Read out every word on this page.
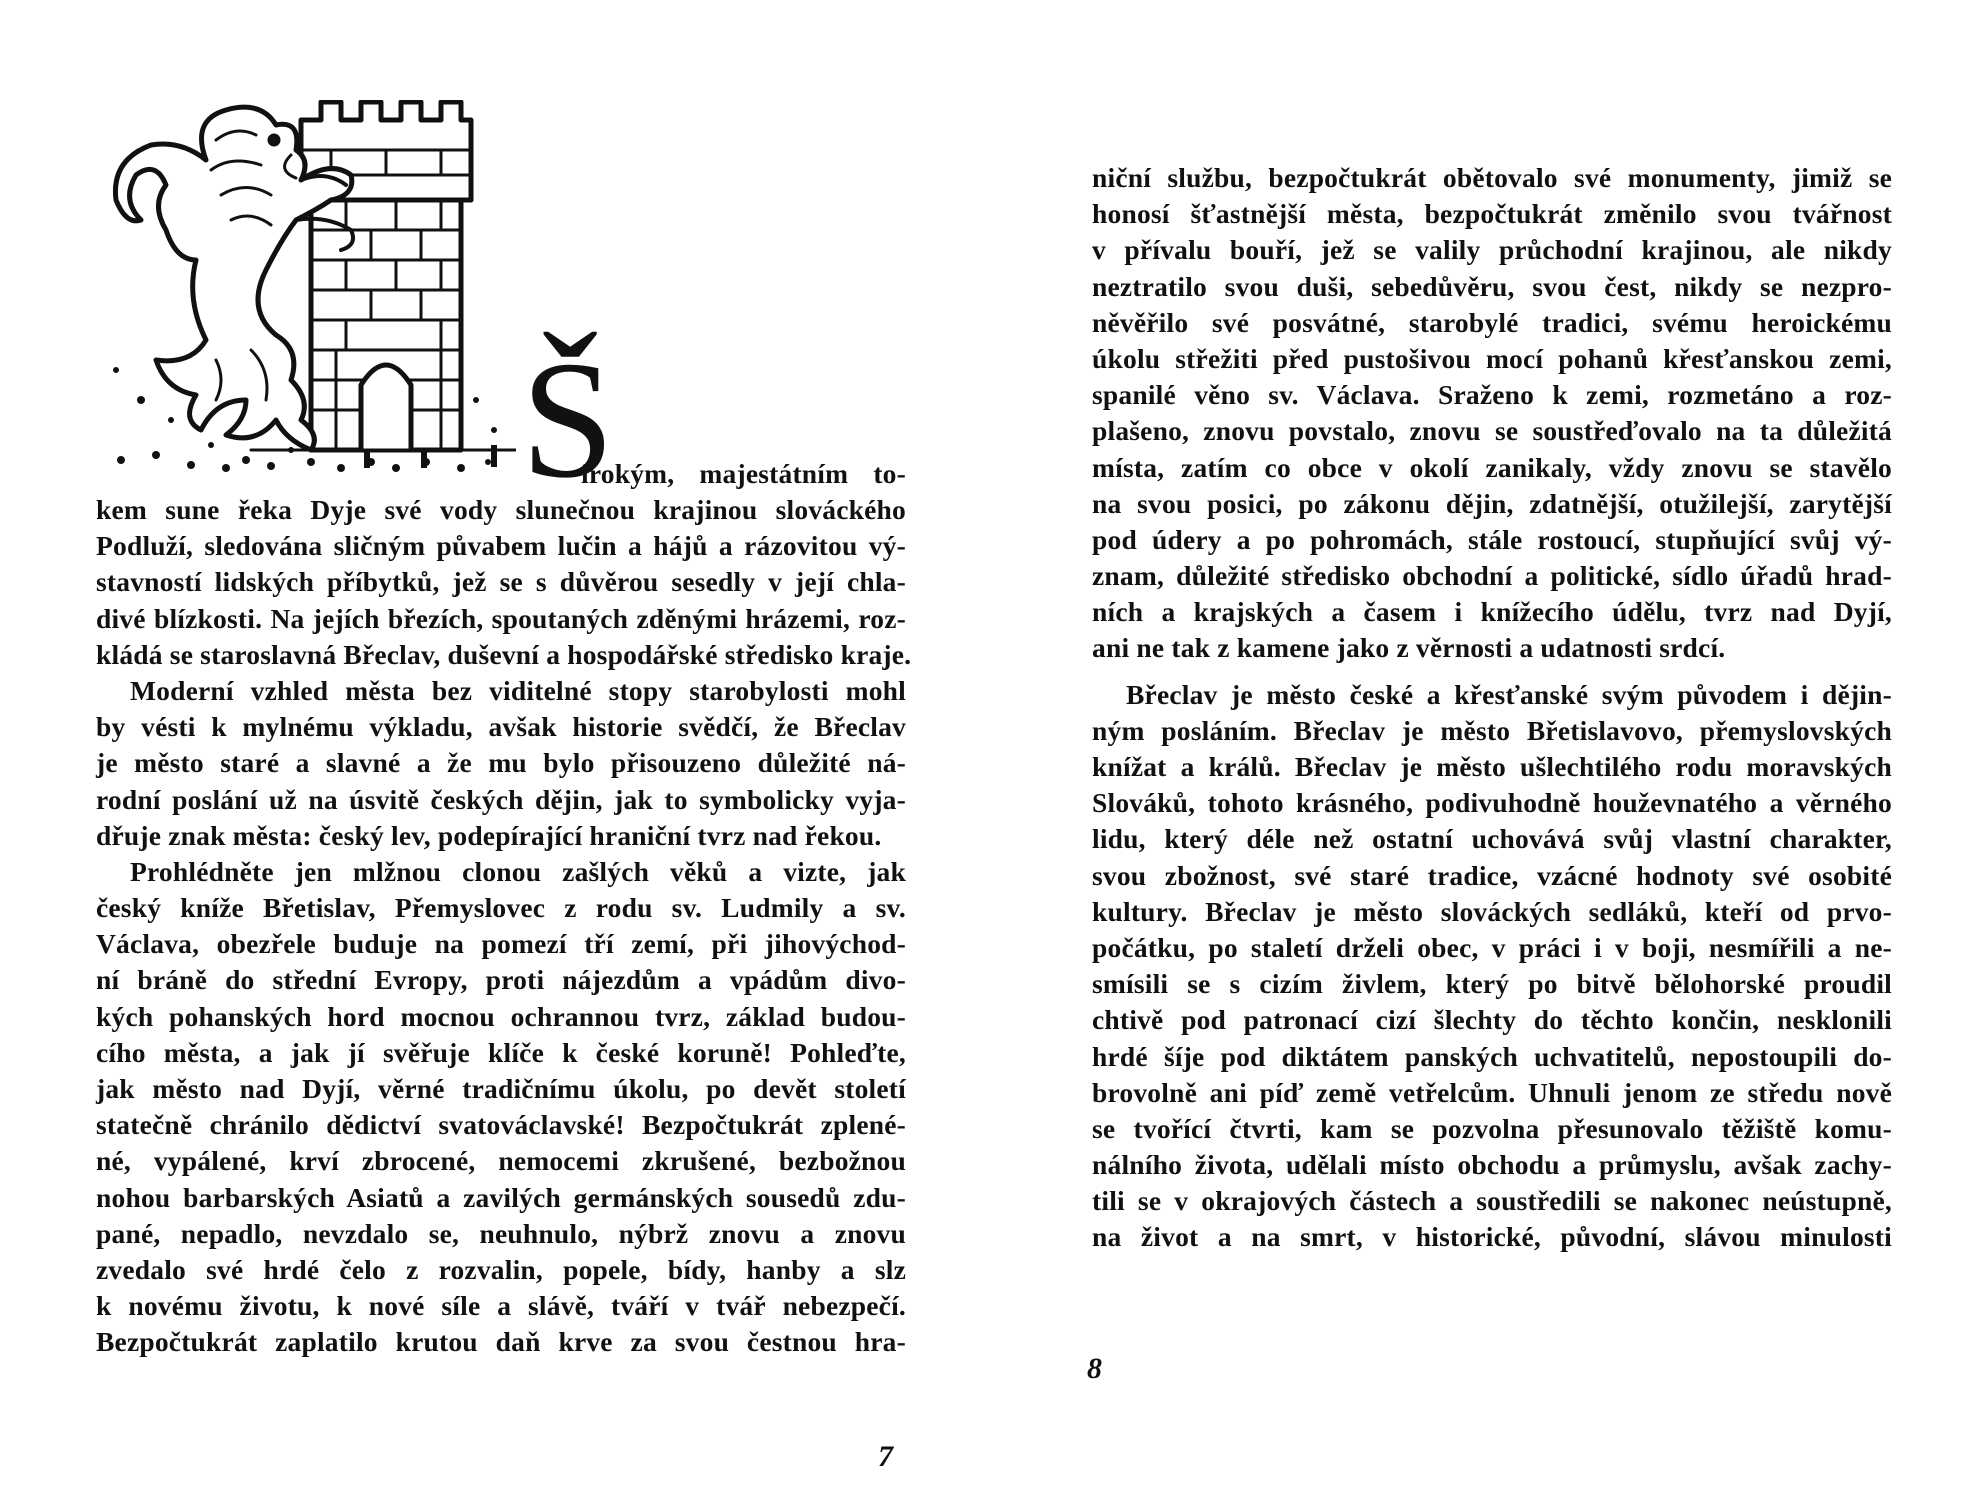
Š
irokým, majestátním to-
kem sune řeka Dyje své vody slunečnou krajinou slováckého
Podluží, sledována sličným půvabem lučin a hájů a rázovitou vý-
stavností lidských příbytků, jež se s důvěrou sesedly v její chla-
divé blízkosti. Na jejích březích, spoutaných zděnými hrázemi, roz-
kládá se staroslavná Břeclav, duševní a hospodářské středisko kraje.
Moderní vzhled města bez viditelné stopy starobylosti mohl
by vésti k mylnému výkladu, avšak historie svědčí, že Břeclav
je město staré a slavné a že mu bylo přisouzeno důležité ná-
rodní poslání už na úsvitě českých dějin, jak to symbolicky vyja-
dřuje znak města: český lev, podepírající hraniční tvrz nad řekou.
Prohlédněte jen mlžnou clonou zašlých věků a vizte, jak
český kníže Břetislav, Přemyslovec z rodu sv. Ludmily a sv.
Václava, obezřele buduje na pomezí tří zemí, při jihovýchod-
ní bráně do střední Evropy, proti nájezdům a vpádům divo-
kých pohanských hord mocnou ochrannou tvrz, základ budou-
cího města, a jak jí svěřuje klíče k české koruně! Pohleďte,
jak město nad Dyjí, věrné tradičnímu úkolu, po devět století
statečně chránilo dědictví svatováclavské! Bezpočtukrát zplené-
né, vypálené, krví zbrocené, nemocemi zkrušené, bezbožnou
nohou barbarských Asiatů a zavilých germánských sousedů zdu-
pané, nepadlo, nevzdalo se, neuhnulo, nýbrž znovu a znovu
zvedalo své hrdé čelo z rozvalin, popele, bídy, hanby a slz
k novému životu, k nové síle a slávě, tváří v tvář nebezpečí.
Bezpočtukrát zaplatilo krutou daň krve za svou čestnou hra-
7
niční službu, bezpočtukrát obětovalo své monumenty, jimiž se
honosí šťastnější města, bezpočtukrát změnilo svou tvářnost
v přívalu bouří, jež se valily průchodní krajinou, ale nikdy
neztratilo svou duši, sebedůvěru, svou čest, nikdy se nezpro-
něvěřilo své posvátné, starobylé tradici, svému heroickému
úkolu střežiti před pustošivou mocí pohanů křesťanskou zemi,
spanilé věno sv. Václava. Sraženo k zemi, rozmetáno a roz-
plašeno, znovu povstalo, znovu se soustřeďovalo na ta důležitá
místa, zatím co obce v okolí zanikaly, vždy znovu se stavělo
na svou posici, po zákonu dějin, zdatnější, otužilejší, zarytější
pod údery a po pohromách, stále rostoucí, stupňující svůj vý-
znam, důležité středisko obchodní a politické, sídlo úřadů hrad-
ních a krajských a časem i knížecího údělu, tvrz nad Dyjí,
ani ne tak z kamene jako z věrnosti a udatnosti srdcí.
Břeclav je město české a křesťanské svým původem i dějin-
ným posláním. Břeclav je město Břetislavovo, přemyslovských
knížat a králů. Břeclav je město ušlechtilého rodu moravských
Slováků, tohoto krásného, podivuhodně houževnatého a věrného
lidu, který déle než ostatní uchovává svůj vlastní charakter,
svou zbožnost, své staré tradice, vzácné hodnoty své osobité
kultury. Břeclav je město slováckých sedláků, kteří od prvo-
počátku, po staletí drželi obec, v práci i v boji, nesmířili a ne-
smísili se s cizím živlem, který po bitvě bělohorské proudil
chtivě pod patronací cizí šlechty do těchto končin, nesklonili
hrdé šíje pod diktátem panských uchvatitelů, nepostoupili do-
brovolně ani píď země vetřelcům. Uhnuli jenom ze středu nově
se tvořící čtvrti, kam se pozvolna přesunovalo těžiště komu-
nálního života, udělali místo obchodu a průmyslu, avšak zachy-
tili se v okrajových částech a soustředili se nakonec neústupně,
na život a na smrt, v historické, původní, slávou minulosti
8
